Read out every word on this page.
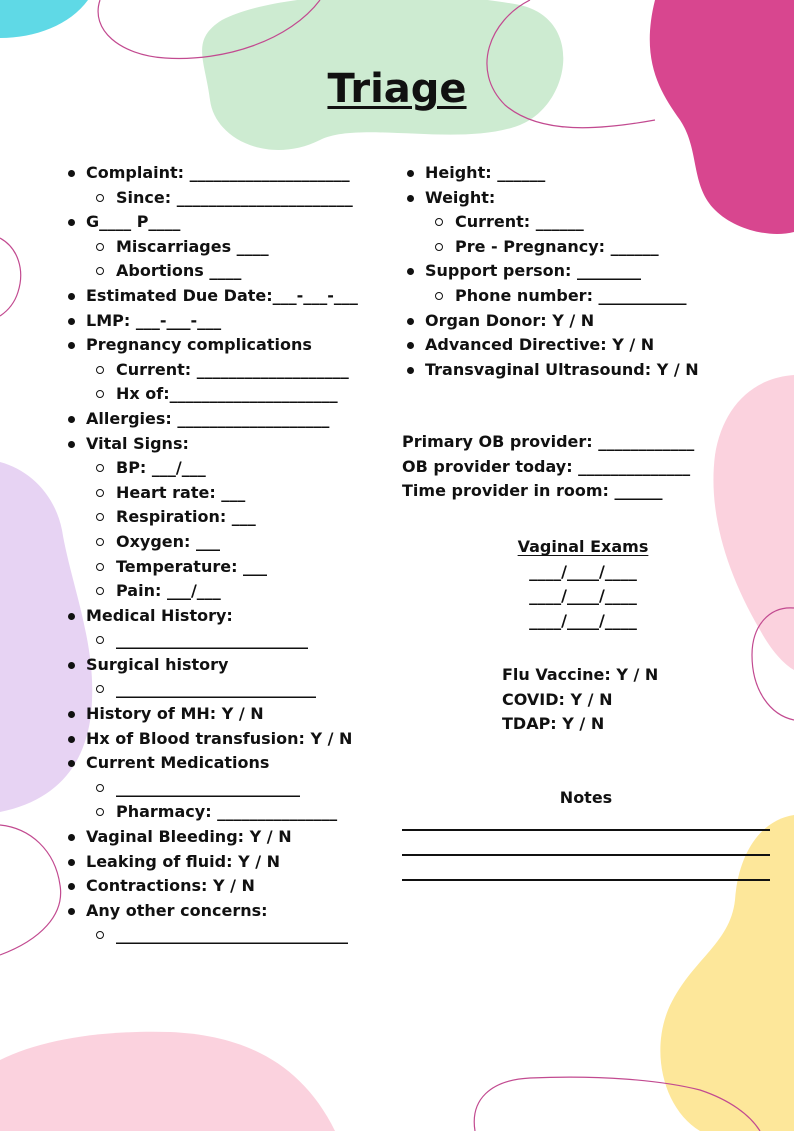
Triage
Complaint: ____________________
Since: ______________________
G____ P____
Miscarriages ____
Abortions ____
Estimated Due Date:___-___-___
LMP: ___-___-___
Pregnancy complications
Current: ___________________
Hx of:_____________________
Allergies: ___________________
Vital Signs:
BP: ___/___
Heart rate: ___
Respiration: ___
Oxygen: ___
Temperature: ___
Pain: ___/___
Medical History:
________________________
Surgical history
_________________________
History of MH: Y / N
Hx of Blood transfusion: Y / N
Current Medications
_______________________
Pharmacy: _______________
Vaginal Bleeding: Y / N
Leaking of fluid: Y / N
Contractions: Y / N
Any other concerns:
_____________________________
Height: ______
Weight:
Current: ______
Pre - Pregnancy: ______
Support person: ________
Phone number: ___________
Organ Donor: Y / N
Advanced Directive: Y / N
Transvaginal Ultrasound: Y / N
Primary OB provider: ____________
OB provider today: ______________
Time provider in room: ______
Vaginal Exams
____/____/____
____/____/____
____/____/____
Flu Vaccine: Y / N
COVID: Y / N
TDAP: Y / N
Notes
